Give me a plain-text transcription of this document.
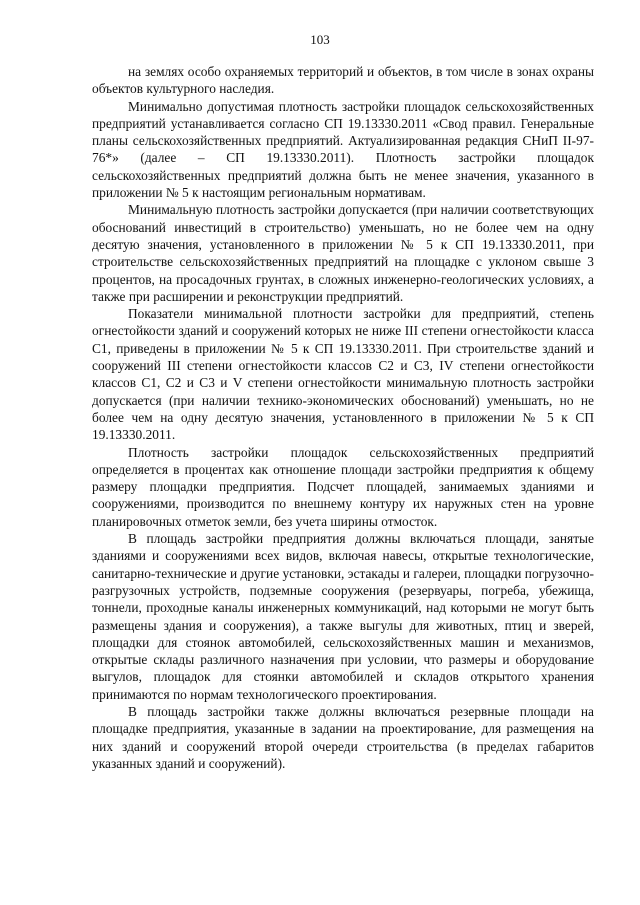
103

на землях особо охраняемых территорий и объектов, в том числе в зонах охраны объектов культурного наследия.

Минимально допустимая плотность застройки площадок сельскохозяйственных предприятий устанавливается согласно СП 19.13330.2011 «Свод правил. Генеральные планы сельскохозяйственных предприятий. Актуализированная редакция СНиП II-97-76*» (далее – СП 19.13330.2011). Плотность застройки площадок сельскохозяйственных предприятий должна быть не менее значения, указанного в приложении № 5 к настоящим региональным нормативам.

Минимальную плотность застройки допускается (при наличии соответствующих обоснований инвестиций в строительство) уменьшать, но не более чем на одну десятую значения, установленного в приложении № 5 к СП 19.13330.2011, при строительстве сельскохозяйственных предприятий на площадке с уклоном свыше 3 процентов, на просадочных грунтах, в сложных инженерно-геологических условиях, а также при расширении и реконструкции предприятий.

Показатели минимальной плотности застройки для предприятий, степень огнестойкости зданий и сооружений которых не ниже III степени огнестойкости класса С1, приведены в приложении № 5 к СП 19.13330.2011. При строительстве зданий и сооружений III степени огнестойкости классов С2 и С3, IV степени огнестойкости классов С1, С2 и С3 и V степени огнестойкости минимальную плотность застройки допускается (при наличии технико-экономических обоснований) уменьшать, но не более чем на одну десятую значения, установленного в приложении № 5 к СП 19.13330.2011.

Плотность застройки площадок сельскохозяйственных предприятий определяется в процентах как отношение площади застройки предприятия к общему размеру площадки предприятия. Подсчет площадей, занимаемых зданиями и сооружениями, производится по внешнему контуру их наружных стен на уровне планировочных отметок земли, без учета ширины отмосток.

В площадь застройки предприятия должны включаться площади, занятые зданиями и сооружениями всех видов, включая навесы, открытые технологические, санитарно-технические и другие установки, эстакады и галереи, площадки погрузочно-разгрузочных устройств, подземные сооружения (резервуары, погреба, убежища, тоннели, проходные каналы инженерных коммуникаций, над которыми не могут быть размещены здания и сооружения), а также выгулы для животных, птиц и зверей, площадки для стоянок автомобилей, сельскохозяйственных машин и механизмов, открытые склады различного назначения при условии, что размеры и оборудование выгулов, площадок для стоянки автомобилей и складов открытого хранения принимаются по нормам технологического проектирования.

В площадь застройки также должны включаться резервные площади на площадке предприятия, указанные в задании на проектирование, для размещения на них зданий и сооружений второй очереди строительства (в пределах габаритов указанных зданий и сооружений).
